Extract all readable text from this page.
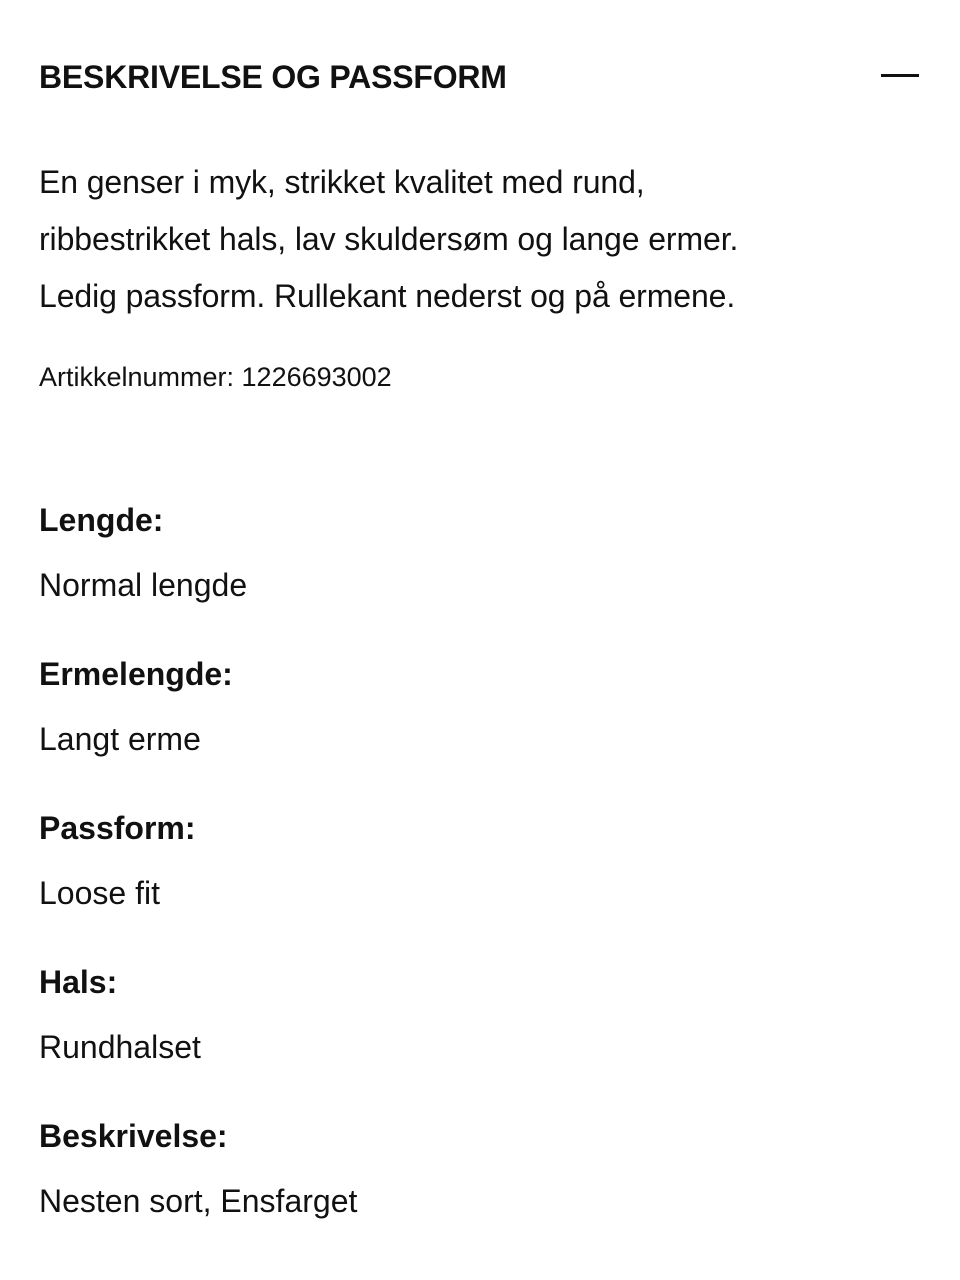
BESKRIVELSE OG PASSFORM

En genser i myk, strikket kvalitet med rund,
ribbestrikket hals, lav skuldersøm og lange ermer.
Ledig passform. Rullekant nederst og på ermene.

Artikkelnummer: 1226693002
Lengde:
Normal lengde
Ermelengde:
Langt erme
Passform:
Loose fit
Hals:
Rundhalset
Beskrivelse:
Nesten sort, Ensfarget
